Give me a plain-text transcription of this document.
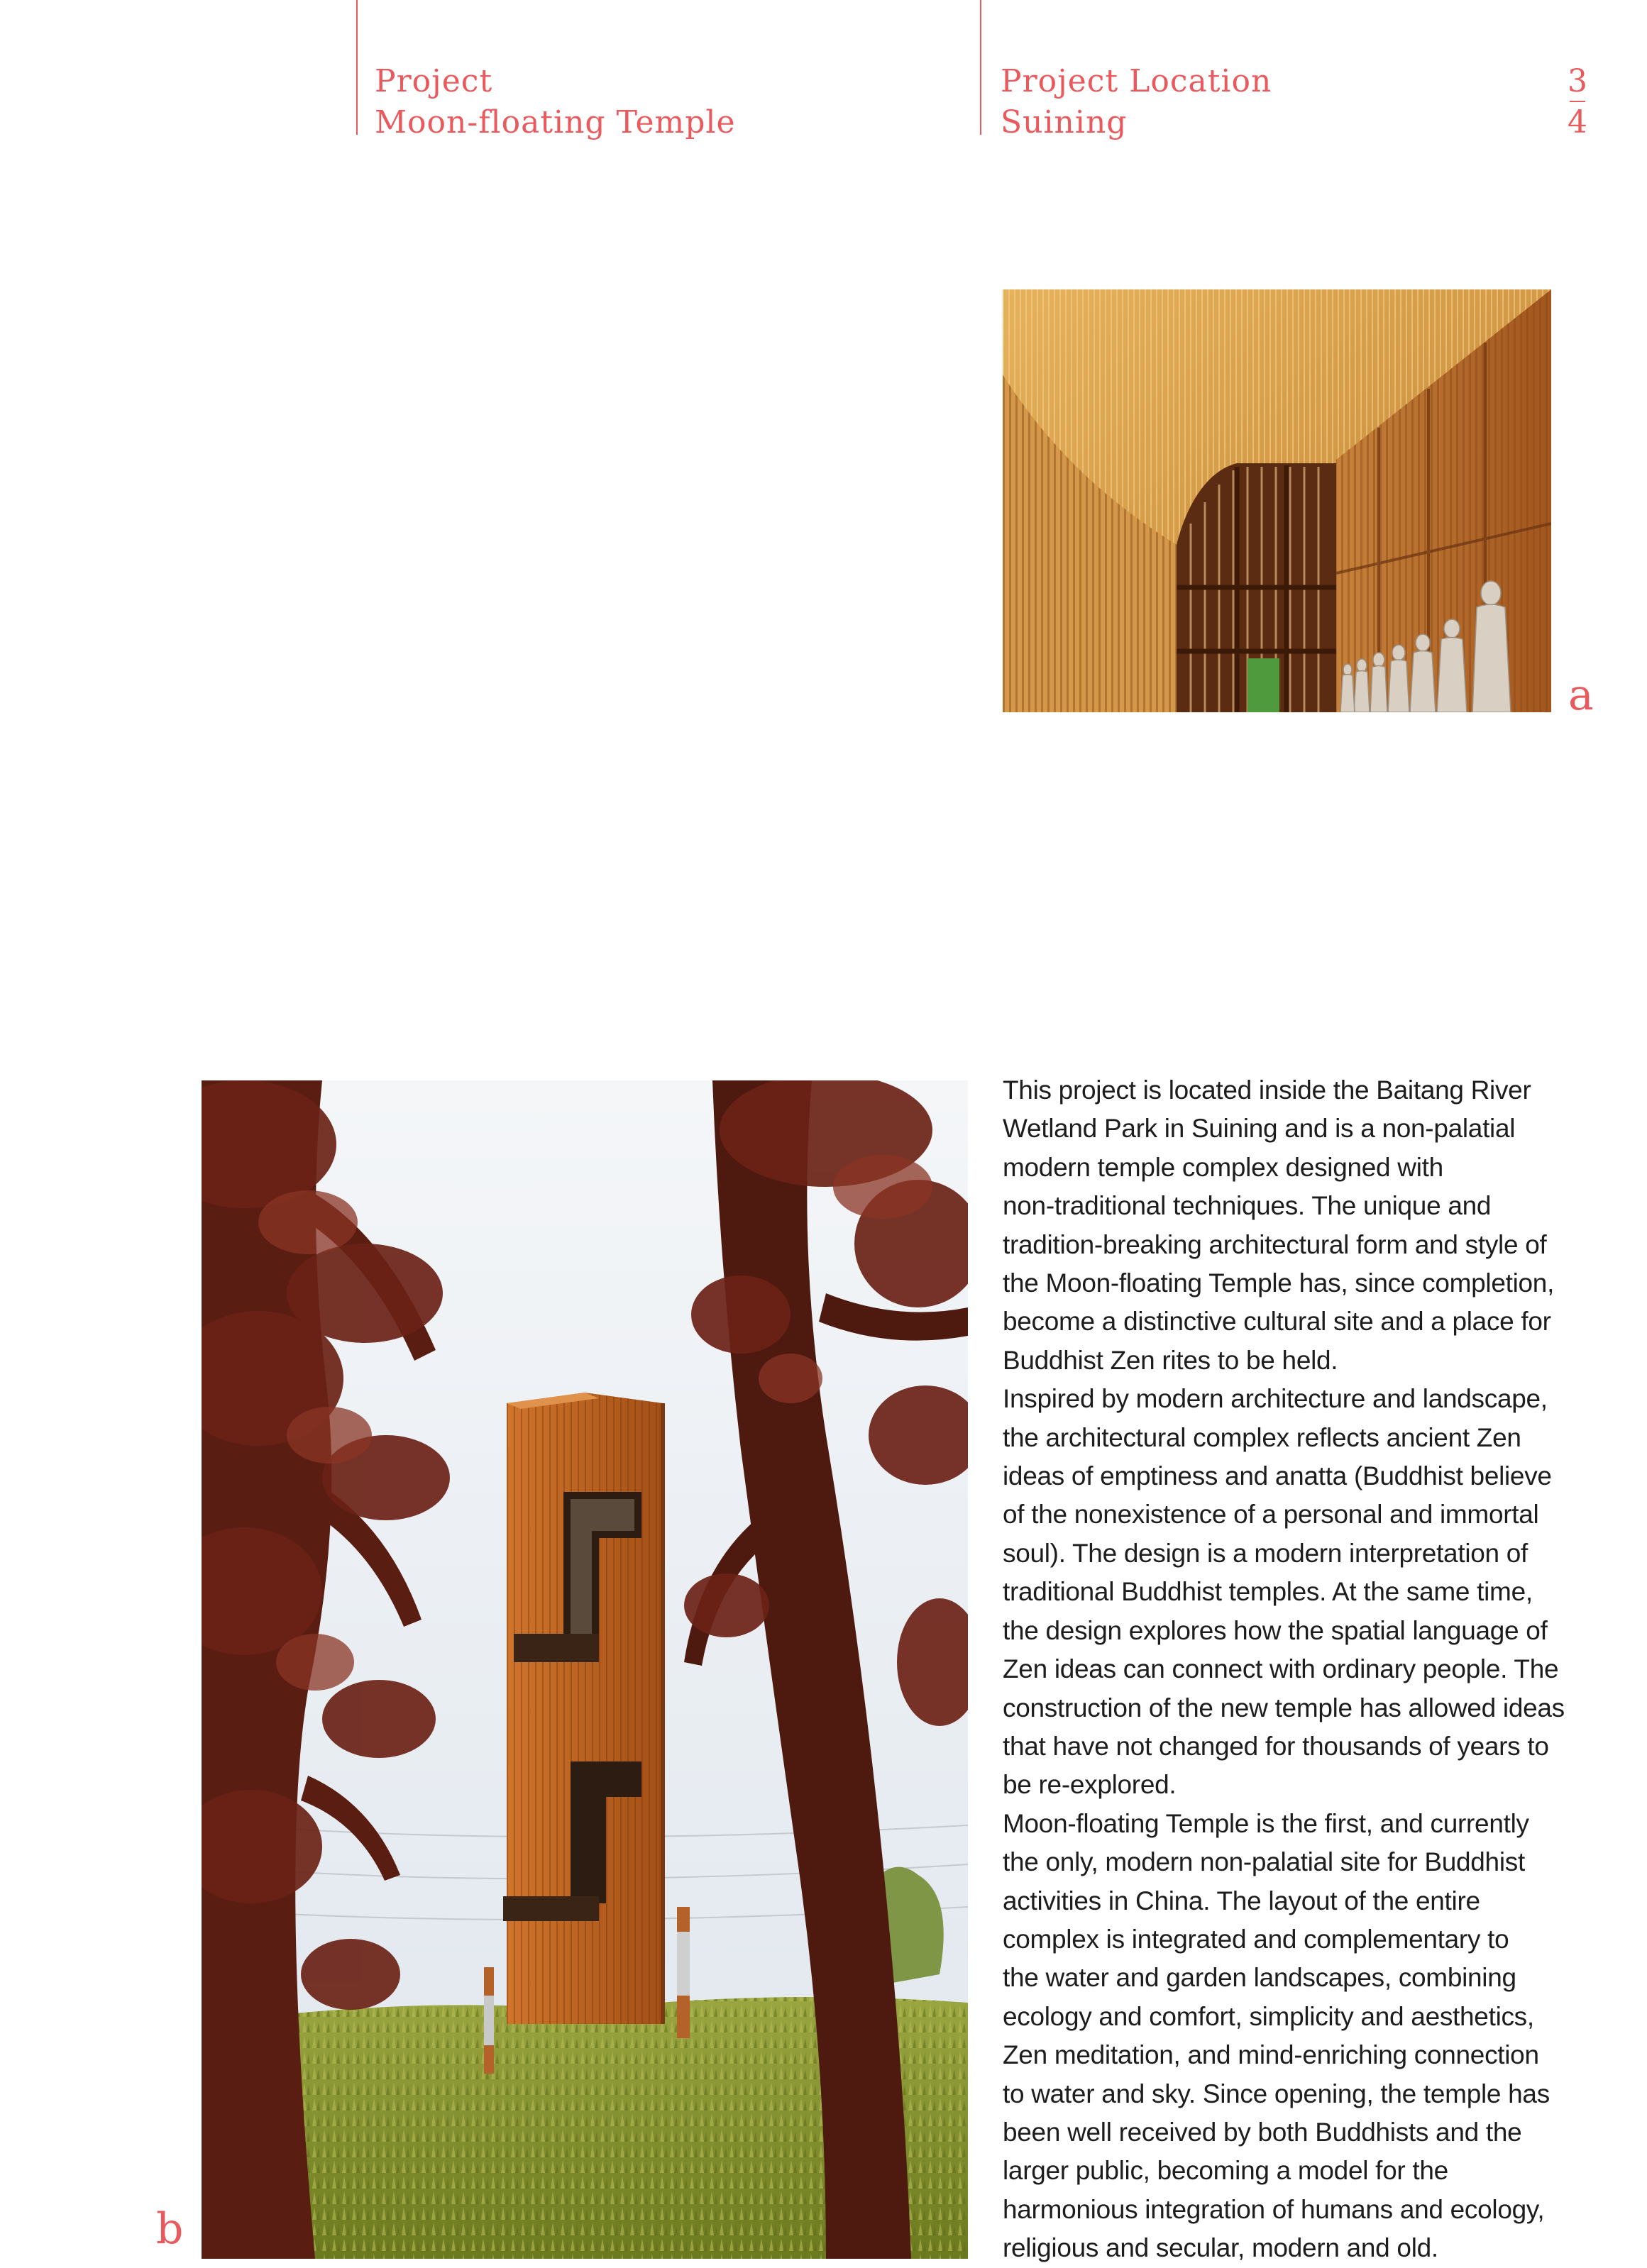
Project
Moon-floating Temple
Project Location
Suining
3
4
a
b

This project is located inside the Baitang River
Wetland Park in Suining and is a non-palatial
modern temple complex designed with
non-traditional techniques. The unique and
tradition-breaking architectural form and style of
the Moon-floating Temple has, since completion,
become a distinctive cultural site and a place for
Buddhist Zen rites to be held.

Inspired by modern architecture and landscape,
the architectural complex reflects ancient Zen
ideas of emptiness and anatta (Buddhist believe
of the nonexistence of a personal and immortal
soul). The design is a modern interpretation of
traditional Buddhist temples. At the same time,
the design explores how the spatial language of
Zen ideas can connect with ordinary people. The
construction of the new temple has allowed ideas
that have not changed for thousands of years to
be re-explored.

Moon-floating Temple is the first, and currently
the only, modern non-palatial site for Buddhist
activities in China. The layout of the entire
complex is integrated and complementary to
the water and garden landscapes, combining
ecology and comfort, simplicity and aesthetics,
Zen meditation, and mind-enriching connection
to water and sky. Since opening, the temple has
been well received by both Buddhists and the
larger public, becoming a model for the
harmonious integration of humans and ecology,
religious and secular, modern and old.
